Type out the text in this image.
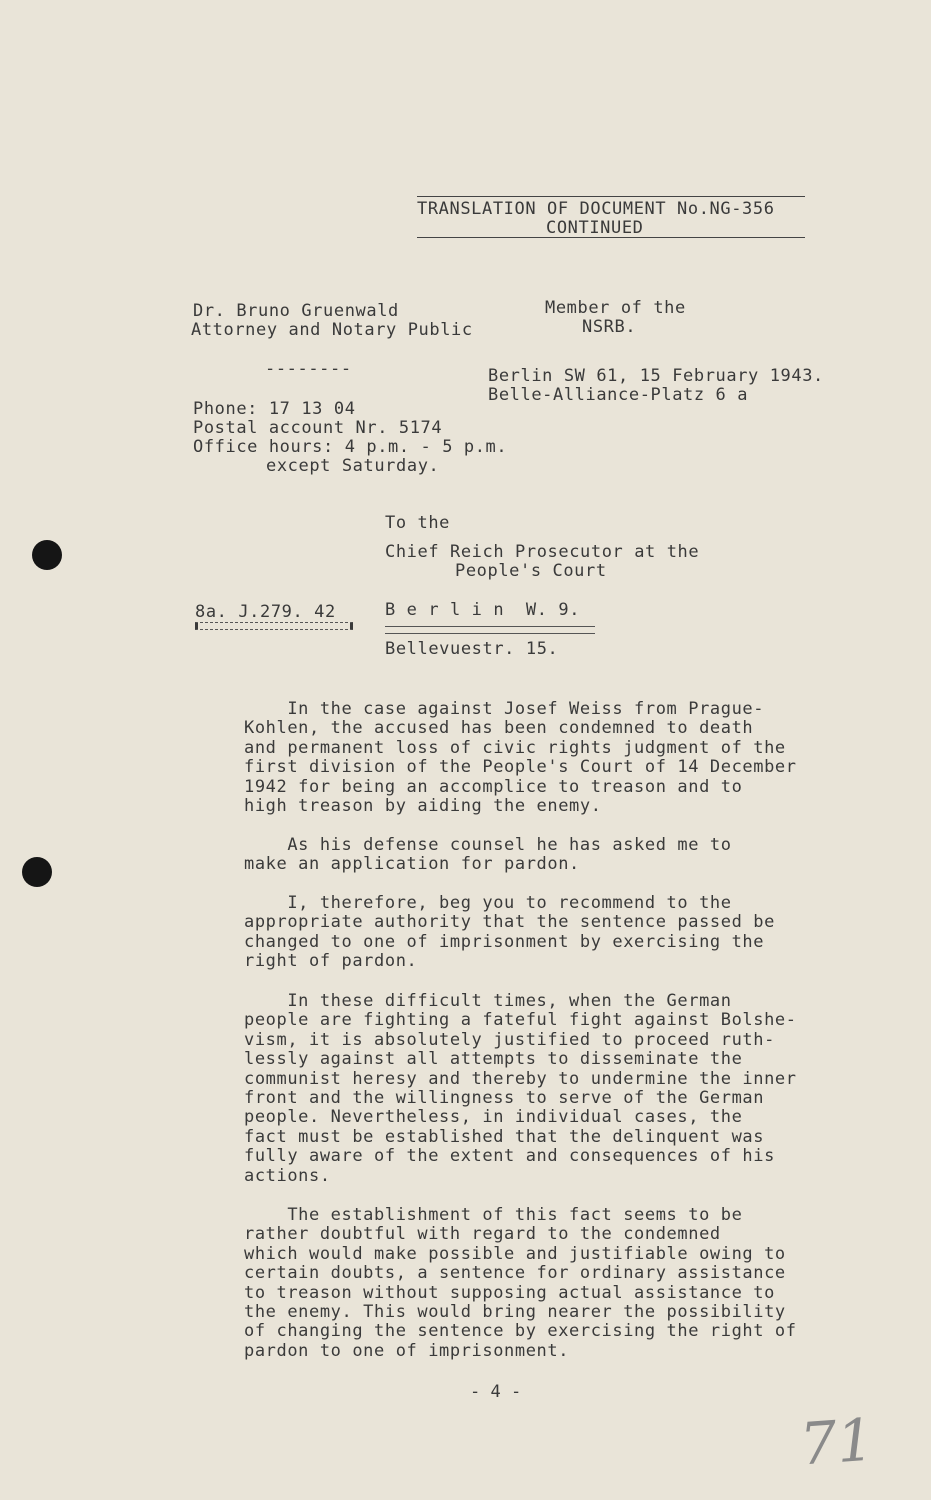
TRANSLATION OF DOCUMENT No.NG-356
CONTINUED
Dr. Bruno Gruenwald
Attorney and Notary Public
Member of the
NSRB.
--------	Berlin SW 61, 15 February 1943.
Belle-Alliance-Platz 6 a
Phone: 17 13 04
Postal account Nr. 5174
Office hours: 4 p.m. - 5 p.m.
except Saturday.
To the
Chief Reich Prosecutor at the
People's Court
8a. J.279. 42	B e r l i n  W. 9.
Bellevuestr. 15.
In the case against Josef Weiss from Prague-
Kohlen, the accused has been condemned to death
and permanent loss of civic rights judgment of the
first division of the People's Court of 14 December
1942 for being an accomplice to treason and to
high treason by aiding the enemy.
As his defense counsel he has asked me to
make an application for pardon.
I, therefore, beg you to recommend to the
appropriate authority that the sentence passed be
changed to one of imprisonment by exercising the
right of pardon.
In these difficult times, when the German
people are fighting a fateful fight against Bolshe-
vism, it is absolutely justified to proceed ruth-
lessly against all attempts to disseminate the
communist heresy and thereby to undermine the inner
front and the willingness to serve of the German
people. Nevertheless, in individual cases, the
fact must be established that the delinquent was
fully aware of the extent and consequences of his
actions.
The establishment of this fact seems to be
rather doubtful with regard to the condemned
which would make possible and justifiable owing to
certain doubts, a sentence for ordinary assistance
to treason without supposing actual assistance to
the enemy. This would bring nearer the possibility
of changing the sentence by exercising the right of
pardon to one of imprisonment.
- 4 -
71
